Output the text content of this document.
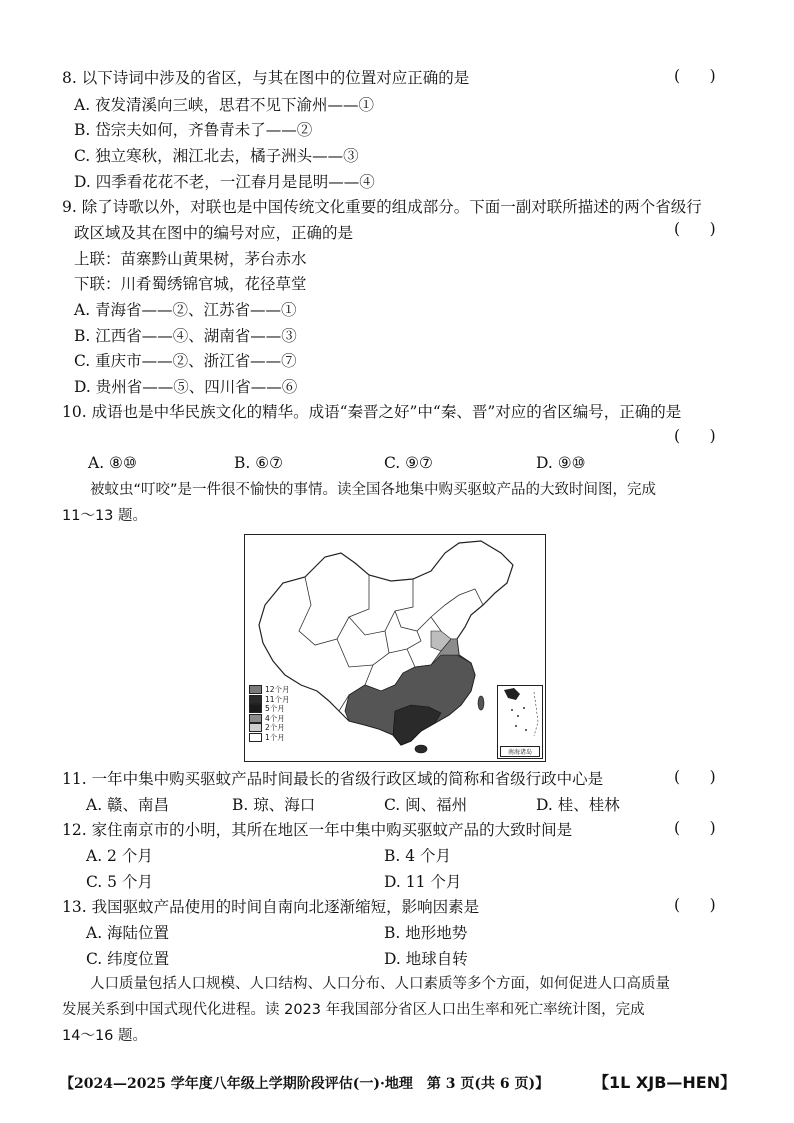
8. 以下诗词中涉及的省区，与其在图中的位置对应正确的是	(      )
A. 夜发清溪向三峡，思君不见下渝州——①
B. 岱宗夫如何，齐鲁青未了——②
C. 独立寒秋，湘江北去，橘子洲头——③
D. 四季看花花不老，一江春月是昆明——④
9. 除了诗歌以外，对联也是中国传统文化重要的组成部分。下面一副对联所描述的两个省级行
政区域及其在图中的编号对应，正确的是	(      )
上联：苗寨黔山黄果树，茅台赤水
下联：川肴蜀绣锦官城，花径草堂
A. 青海省——②、江苏省——①
B. 江西省——④、湖南省——③
C. 重庆市——②、浙江省——⑦
D. 贵州省——⑤、四川省——⑥
10. 成语也是中华民族文化的精华。成语“秦晋之好”中“秦、晋”对应的省区编号，正确的是
(      )
A. ⑧⑩	B. ⑥⑦	C. ⑨⑦	D. ⑨⑩
被蚊虫“叮咬”是一件很不愉快的事情。读全国各地集中购买驱蚊产品的大致时间图，完成
11～13 题。
12个月
11个月
5个月
4个月
2个月
1个月
南海诸岛
11. 一年中集中购买驱蚊产品时间最长的省级行政区域的简称和省级行政中心是	(      )
A. 赣、南昌	B. 琼、海口	C. 闽、福州	D. 桂、桂林
12. 家住南京市的小明，其所在地区一年中集中购买驱蚊产品的大致时间是	(      )
A. 2 个月	B. 4 个月
C. 5 个月	D. 11 个月
13. 我国驱蚊产品使用的时间自南向北逐渐缩短，影响因素是	(      )
A. 海陆位置	B. 地形地势
C. 纬度位置	D. 地球自转
人口质量包括人口规模、人口结构、人口分布、人口素质等多个方面，如何促进人口高质量
发展关系到中国式现代化进程。读 2023 年我国部分省区人口出生率和死亡率统计图，完成
14～16 题。
【2024—2025 学年度八年级上学期阶段评估(一)·地理　第 3 页(共 6 页)】	【1L XJB—HEN】
